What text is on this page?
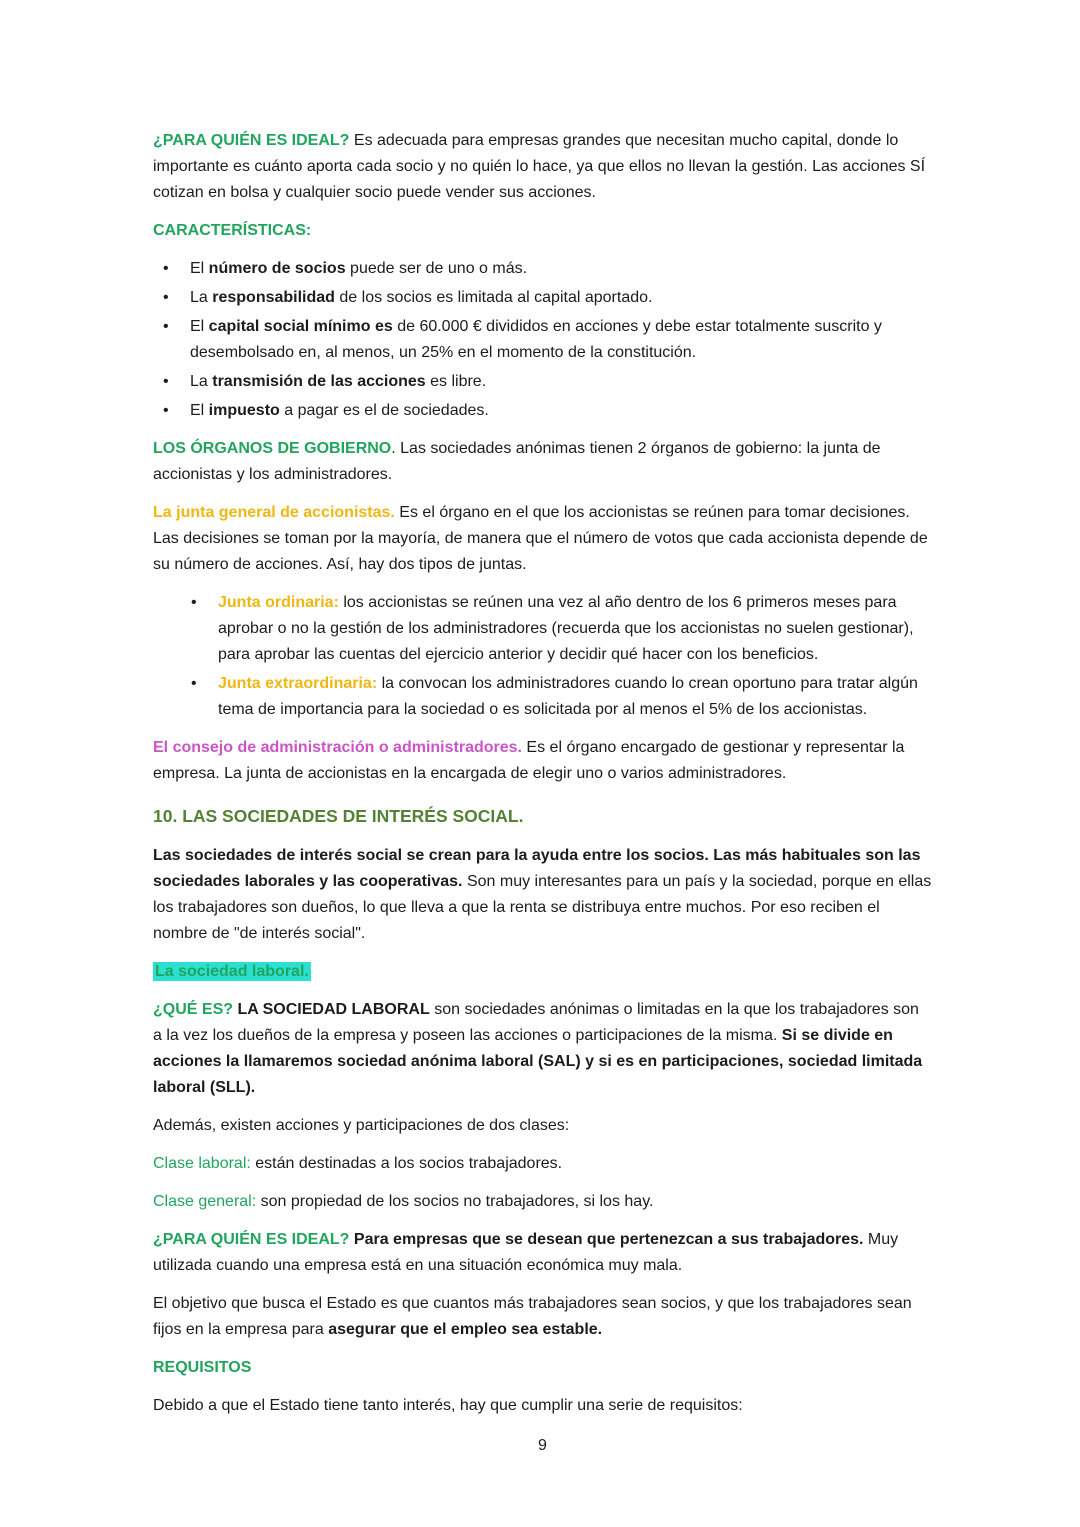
¿PARA QUIÉN ES IDEAL? Es adecuada para empresas grandes que necesitan mucho capital, donde lo importante es cuánto aporta cada socio y no quién lo hace, ya que ellos no llevan la gestión. Las acciones SÍ cotizan en bolsa y cualquier socio puede vender sus acciones.

CARACTERÍSTICAS:

• El número de socios puede ser de uno o más.
• La responsabilidad de los socios es limitada al capital aportado.
• El capital social mínimo es de 60.000 € divididos en acciones y debe estar totalmente suscrito y desembolsado en, al menos, un 25% en el momento de la constitución.
• La transmisión de las acciones es libre.
• El impuesto a pagar es el de sociedades.

LOS ÓRGANOS DE GOBIERNO. Las sociedades anónimas tienen 2 órganos de gobierno: la junta de accionistas y los administradores.

La junta general de accionistas. Es el órgano en el que los accionistas se reúnen para tomar decisiones. Las decisiones se toman por la mayoría, de manera que el número de votos que cada accionista depende de su número de acciones. Así, hay dos tipos de juntas.

• Junta ordinaria: los accionistas se reúnen una vez al año dentro de los 6 primeros meses para aprobar o no la gestión de los administradores (recuerda que los accionistas no suelen gestionar), para aprobar las cuentas del ejercicio anterior y decidir qué hacer con los beneficios.
• Junta extraordinaria: la convocan los administradores cuando lo crean oportuno para tratar algún tema de importancia para la sociedad o es solicitada por al menos el 5% de los accionistas.

El consejo de administración o administradores. Es el órgano encargado de gestionar y representar la empresa. La junta de accionistas en la encargada de elegir uno o varios administradores.

10. LAS SOCIEDADES DE INTERÉS SOCIAL.

Las sociedades de interés social se crean para la ayuda entre los socios. Las más habituales son las sociedades laborales y las cooperativas. Son muy interesantes para un país y la sociedad, porque en ellas los trabajadores son dueños, lo que lleva a que la renta se distribuya entre muchos. Por eso reciben el nombre de "de interés social".

La sociedad laboral.

¿QUÉ ES? LA SOCIEDAD LABORAL son sociedades anónimas o limitadas en la que los trabajadores son a la vez los dueños de la empresa y poseen las acciones o participaciones de la misma. Si se divide en acciones la llamaremos sociedad anónima laboral (SAL) y si es en participaciones, sociedad limitada laboral (SLL).

Además, existen acciones y participaciones de dos clases:

Clase laboral: están destinadas a los socios trabajadores.

Clase general: son propiedad de los socios no trabajadores, si los hay.

¿PARA QUIÉN ES IDEAL? Para empresas que se desean que pertenezcan a sus trabajadores. Muy utilizada cuando una empresa está en una situación económica muy mala.

El objetivo que busca el Estado es que cuantos más trabajadores sean socios, y que los trabajadores sean fijos en la empresa para asegurar que el empleo sea estable.

REQUISITOS

Debido a que el Estado tiene tanto interés, hay que cumplir una serie de requisitos:

9
